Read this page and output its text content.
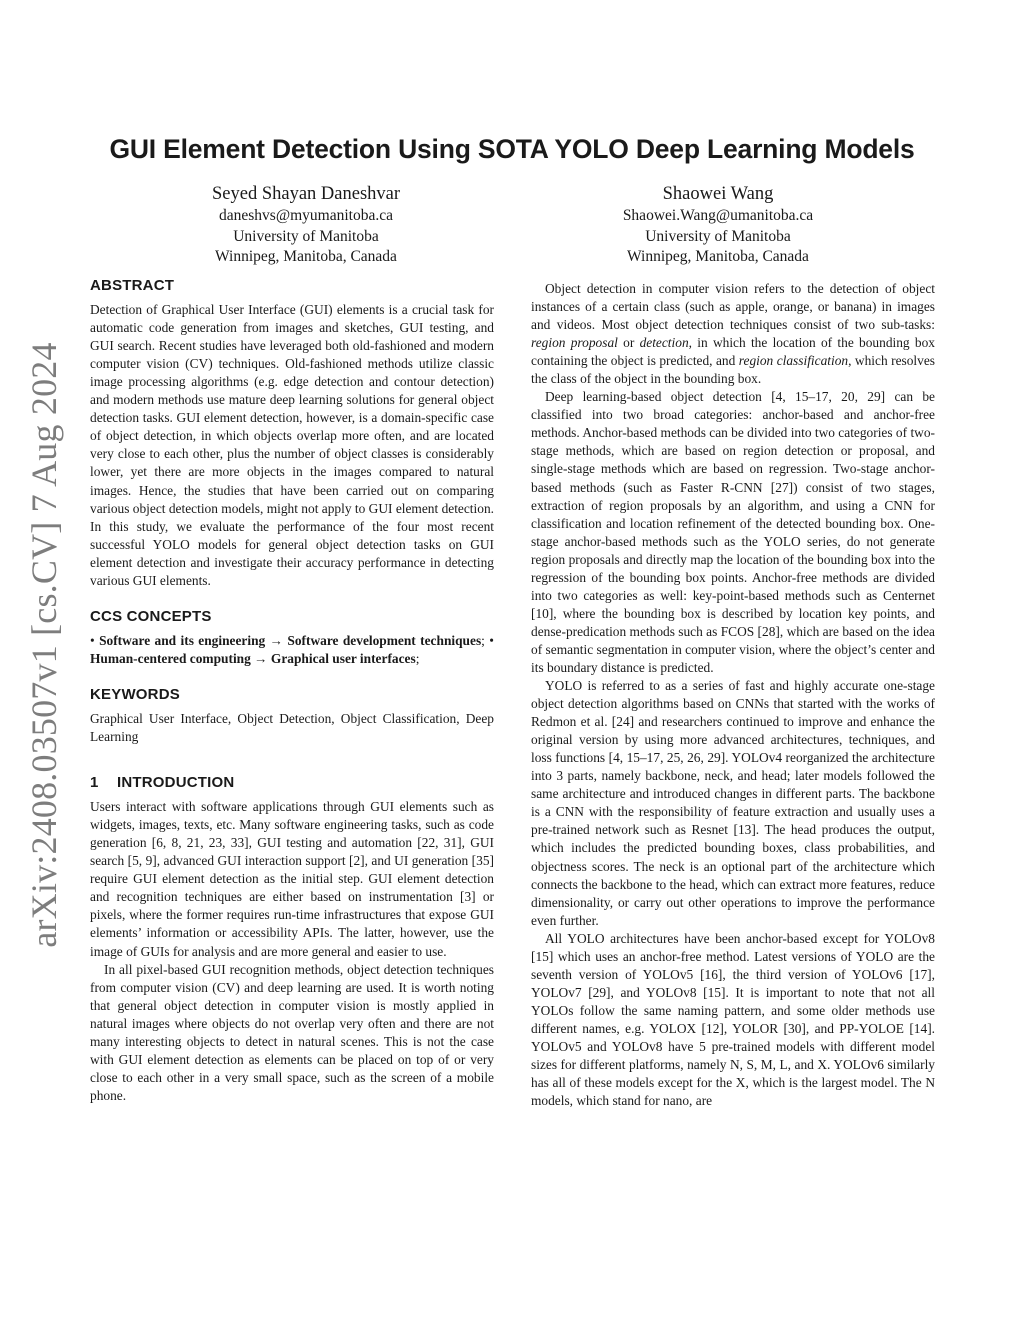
arXiv:2408.03507v1 [cs.CV] 7 Aug 2024
GUI Element Detection Using SOTA YOLO Deep Learning Models
Seyed Shayan Daneshvar
daneshvs@myumanitoba.ca
University of Manitoba
Winnipeg, Manitoba, Canada
Shaowei Wang
Shaowei.Wang@umanitoba.ca
University of Manitoba
Winnipeg, Manitoba, Canada
ABSTRACT

Detection of Graphical User Interface (GUI) elements is a crucial task for automatic code generation from images and sketches, GUI testing, and GUI search. Recent studies have leveraged both old-fashioned and modern computer vision (CV) techniques. Old-fashioned methods utilize classic image processing algorithms (e.g. edge detection and contour detection) and modern methods use mature deep learning solutions for general object detection tasks. GUI element detection, however, is a domain-specific case of object detection, in which objects overlap more often, and are located very close to each other, plus the number of object classes is considerably lower, yet there are more objects in the images compared to natural images. Hence, the studies that have been carried out on comparing various object detection models, might not apply to GUI element detection. In this study, we evaluate the performance of the four most recent successful YOLO models for general object detection tasks on GUI element detection and investigate their accuracy performance in detecting various GUI elements.

CCS CONCEPTS

• Software and its engineering → Software development techniques; • Human-centered computing → Graphical user interfaces;

KEYWORDS

Graphical User Interface, Object Detection, Object Classification, Deep Learning

1 INTRODUCTION

Users interact with software applications through GUI elements such as widgets, images, texts, etc. Many software engineering tasks, such as code generation [6, 8, 21, 23, 33], GUI testing and automation [22, 31], GUI search [5, 9], advanced GUI interaction support [2], and UI generation [35] require GUI element detection as the initial step. GUI element detection and recognition techniques are either based on instrumentation [3] or pixels, where the former requires run-time infrastructures that expose GUI elements’ information or accessibility APIs. The latter, however, use the image of GUIs for analysis and are more general and easier to use.

In all pixel-based GUI recognition methods, object detection techniques from computer vision (CV) and deep learning are used. It is worth noting that general object detection in computer vision is mostly applied in natural images where objects do not overlap very often and there are not many interesting objects to detect in natural scenes. This is not the case with GUI element detection as elements can be placed on top of or very close to each other in a very small space, such as the screen of a mobile phone.

Object detection in computer vision refers to the detection of object instances of a certain class (such as apple, orange, or banana) in images and videos. Most object detection techniques consist of two sub-tasks: region proposal or detection, in which the location of the bounding box containing the object is predicted, and region classification, which resolves the class of the object in the bounding box.

Deep learning-based object detection [4, 15–17, 20, 29] can be classified into two broad categories: anchor-based and anchor-free methods. Anchor-based methods can be divided into two categories of two-stage methods, which are based on region detection or proposal, and single-stage methods which are based on regression. Two-stage anchor-based methods (such as Faster R-CNN [27]) consist of two stages, extraction of region proposals by an algorithm, and using a CNN for classification and location refinement of the detected bounding box. One-stage anchor-based methods such as the YOLO series, do not generate region proposals and directly map the location of the bounding box into the regression of the bounding box points. Anchor-free methods are divided into two categories as well: key-point-based methods such as Centernet [10], where the bounding box is described by location key points, and dense-predication methods such as FCOS [28], which are based on the idea of semantic segmentation in computer vision, where the object’s center and its boundary distance is predicted.

YOLO is referred to as a series of fast and highly accurate one-stage object detection algorithms based on CNNs that started with the works of Redmon et al. [24] and researchers continued to improve and enhance the original version by using more advanced architectures, techniques, and loss functions [4, 15–17, 25, 26, 29]. YOLOv4 reorganized the architecture into 3 parts, namely backbone, neck, and head; later models followed the same architecture and introduced changes in different parts. The backbone is a CNN with the responsibility of feature extraction and usually uses a pre-trained network such as Resnet [13]. The head produces the output, which includes the predicted bounding boxes, class probabilities, and objectness scores. The neck is an optional part of the architecture which connects the backbone to the head, which can extract more features, reduce dimensionality, or carry out other operations to improve the performance even further.

All YOLO architectures have been anchor-based except for YOLOv8 [15] which uses an anchor-free method. Latest versions of YOLO are the seventh version of YOLOv5 [16], the third version of YOLOv6 [17], YOLOv7 [29], and YOLOv8 [15]. It is important to note that not all YOLOs follow the same naming pattern, and some older methods use different names, e.g. YOLOX [12], YOLOR [30], and PP-YOLOE [14]. YOLOv5 and YOLOv8 have 5 pre-trained models with different model sizes for different platforms, namely N, S, M, L, and X. YOLOv6 similarly has all of these models except for the X, which is the largest model. The N models, which stand for nano, are
